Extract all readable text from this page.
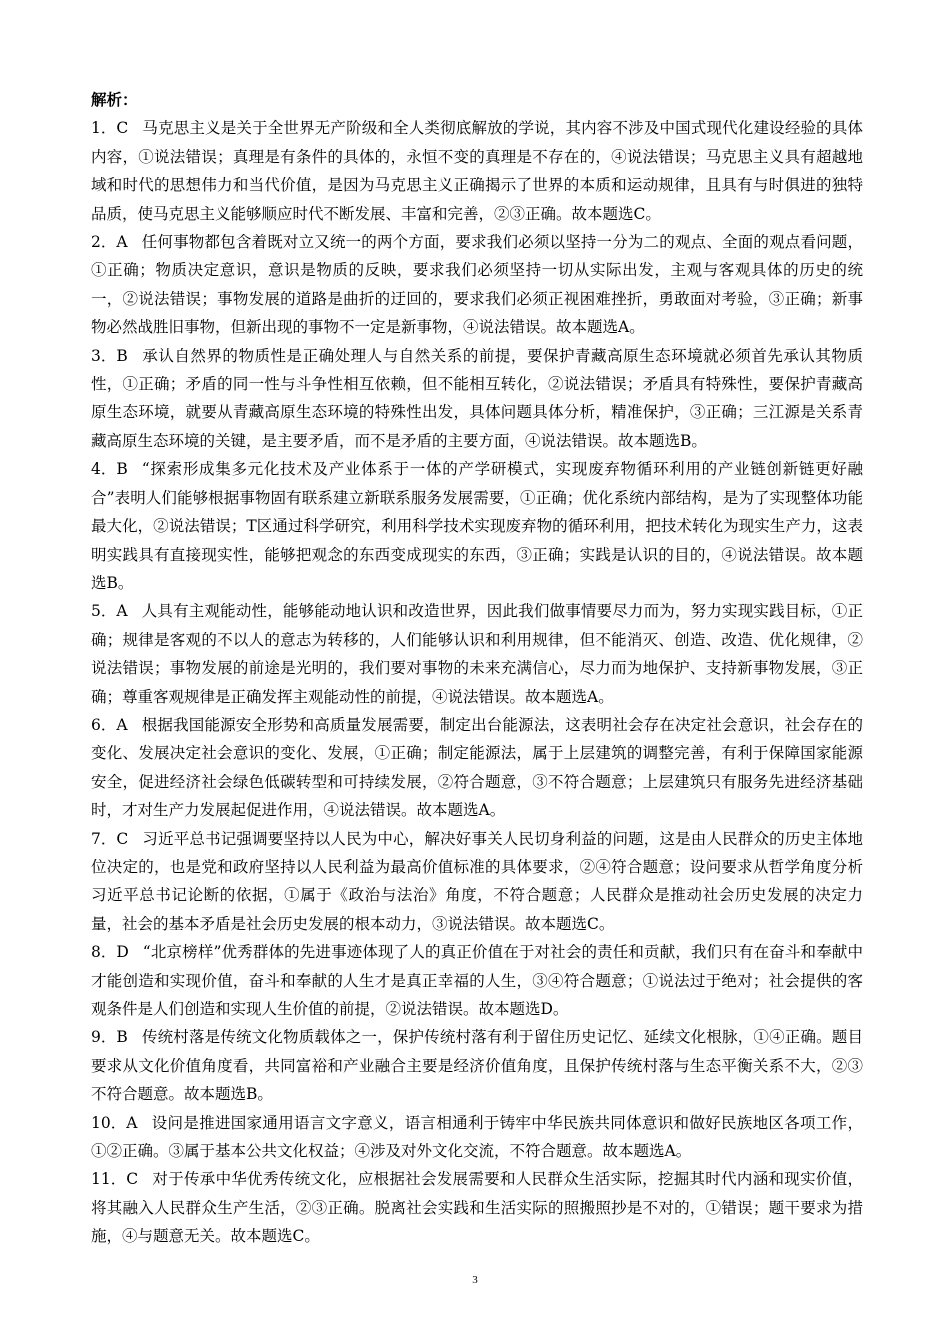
解析：

1．C 马克思主义是关于全世界无产阶级和全人类彻底解放的学说，其内容不涉及中国式现代化建设经验的具体内容，①说法错误；真理是有条件的具体的，永恒不变的真理是不存在的，④说法错误；马克思主义具有超越地域和时代的思想伟力和当代价值，是因为马克思主义正确揭示了世界的本质和运动规律，且具有与时俱进的独特品质，使马克思主义能够顺应时代不断发展、丰富和完善，②③正确。故本题选C。

2．A 任何事物都包含着既对立又统一的两个方面，要求我们必须以坚持一分为二的观点、全面的观点看问题，①正确；物质决定意识，意识是物质的反映，要求我们必须坚持一切从实际出发，主观与客观具体的历史的统一，②说法错误；事物发展的道路是曲折的迂回的，要求我们必须正视困难挫折，勇敢面对考验，③正确；新事物必然战胜旧事物，但新出现的事物不一定是新事物，④说法错误。故本题选A。

3．B 承认自然界的物质性是正确处理人与自然关系的前提，要保护青藏高原生态环境就必须首先承认其物质性，①正确；矛盾的同一性与斗争性相互依赖，但不能相互转化，②说法错误；矛盾具有特殊性，要保护青藏高原生态环境，就要从青藏高原生态环境的特殊性出发，具体问题具体分析，精准保护，③正确；三江源是关系青藏高原生态环境的关键，是主要矛盾，而不是矛盾的主要方面，④说法错误。故本题选B。

4．B “探索形成集多元化技术及产业体系于一体的产学研模式，实现废弃物循环利用的产业链创新链更好融合”表明人们能够根据事物固有联系建立新联系服务发展需要，①正确；优化系统内部结构，是为了实现整体功能最大化，②说法错误；T区通过科学研究，利用科学技术实现废弃物的循环利用，把技术转化为现实生产力，这表明实践具有直接现实性，能够把观念的东西变成现实的东西，③正确；实践是认识的目的，④说法错误。故本题选B。

5．A 人具有主观能动性，能够能动地认识和改造世界，因此我们做事情要尽力而为，努力实现实践目标，①正确；规律是客观的不以人的意志为转移的，人们能够认识和利用规律，但不能消灭、创造、改造、优化规律，②说法错误；事物发展的前途是光明的，我们要对事物的未来充满信心，尽力而为地保护、支持新事物发展，③正确；尊重客观规律是正确发挥主观能动性的前提，④说法错误。故本题选A。

6．A 根据我国能源安全形势和高质量发展需要，制定出台能源法，这表明社会存在决定社会意识，社会存在的变化、发展决定社会意识的变化、发展，①正确；制定能源法，属于上层建筑的调整完善，有利于保障国家能源安全，促进经济社会绿色低碳转型和可持续发展，②符合题意，③不符合题意；上层建筑只有服务先进经济基础时，才对生产力发展起促进作用，④说法错误。故本题选A。

7．C 习近平总书记强调要坚持以人民为中心，解决好事关人民切身利益的问题，这是由人民群众的历史主体地位决定的，也是党和政府坚持以人民利益为最高价值标准的具体要求，②④符合题意；设问要求从哲学角度分析习近平总书记论断的依据，①属于《政治与法治》角度，不符合题意；人民群众是推动社会历史发展的决定力量，社会的基本矛盾是社会历史发展的根本动力，③说法错误。故本题选C。

8．D “北京榜样”优秀群体的先进事迹体现了人的真正价值在于对社会的责任和贡献，我们只有在奋斗和奉献中才能创造和实现价值，奋斗和奉献的人生才是真正幸福的人生，③④符合题意；①说法过于绝对；社会提供的客观条件是人们创造和实现人生价值的前提，②说法错误。故本题选D。

9．B 传统村落是传统文化物质载体之一，保护传统村落有利于留住历史记忆、延续文化根脉，①④正确。题目要求从文化价值角度看，共同富裕和产业融合主要是经济价值角度，且保护传统村落与生态平衡关系不大，②③不符合题意。故本题选B。

10．A 设问是推进国家通用语言文字意义，语言相通利于铸牢中华民族共同体意识和做好民族地区各项工作，①②正确。③属于基本公共文化权益；④涉及对外文化交流，不符合题意。故本题选A。

11．C 对于传承中华优秀传统文化，应根据社会发展需要和人民群众生活实际，挖掘其时代内涵和现实价值，将其融入人民群众生产生活，②③正确。脱离社会实践和生活实际的照搬照抄是不对的，①错误；题干要求为措施，④与题意无关。故本题选C。

3
